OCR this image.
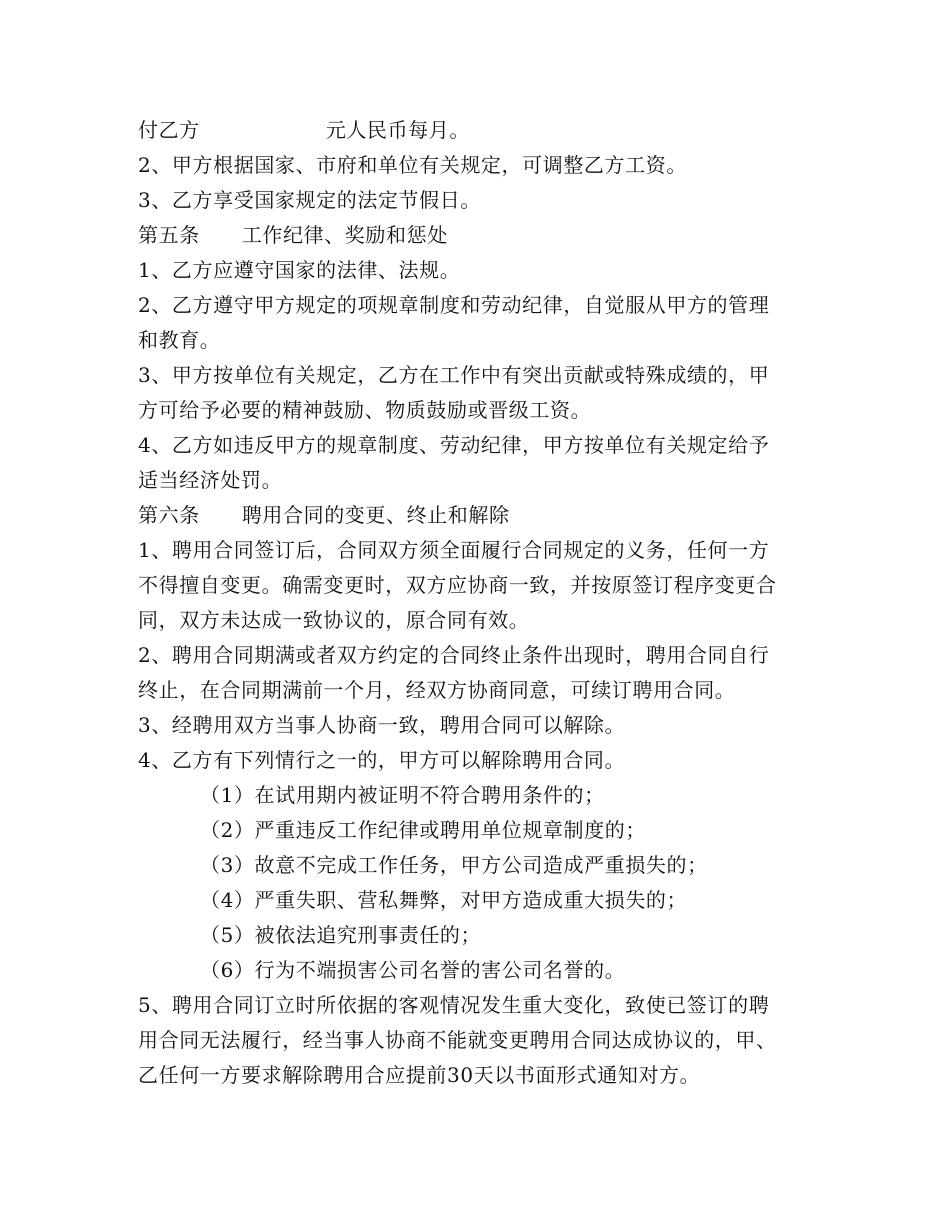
付乙方	元人民币每月。
2、甲方根据国家、市府和单位有关规定，可调整乙方工资。
3、乙方享受国家规定的法定节假日。
第五条 工作纪律、奖励和惩处
1、乙方应遵守国家的法律、法规。
2、乙方遵守甲方规定的项规章制度和劳动纪律，自觉服从甲方的管理
和教育。
3、甲方按单位有关规定，乙方在工作中有突出贡献或特殊成绩的，甲
方可给予必要的精神鼓励、物质鼓励或晋级工资。
4、乙方如违反甲方的规章制度、劳动纪律，甲方按单位有关规定给予
适当经济处罚。
第六条 聘用合同的变更、终止和解除
1、聘用合同签订后，合同双方须全面履行合同规定的义务，任何一方
不得擅自变更。确需变更时，双方应协商一致，并按原签订程序变更合
同，双方未达成一致协议的，原合同有效。
2、聘用合同期满或者双方约定的合同终止条件出现时，聘用合同自行
终止，在合同期满前一个月，经双方协商同意，可续订聘用合同。
3、经聘用双方当事人协商一致，聘用合同可以解除。
4、乙方有下列情行之一的，甲方可以解除聘用合同。
（1）在试用期内被证明不符合聘用条件的；
（2）严重违反工作纪律或聘用单位规章制度的；
（3）故意不完成工作任务，甲方公司造成严重损失的；
（4）严重失职、营私舞弊，对甲方造成重大损失的；
（5）被依法追究刑事责任的；
（6）行为不端损害公司名誉的害公司名誉的。
5、聘用合同订立时所依据的客观情况发生重大变化，致使已签订的聘
用合同无法履行，经当事人协商不能就变更聘用合同达成协议的，甲、
乙任何一方要求解除聘用合应提前30天以书面形式通知对方。
